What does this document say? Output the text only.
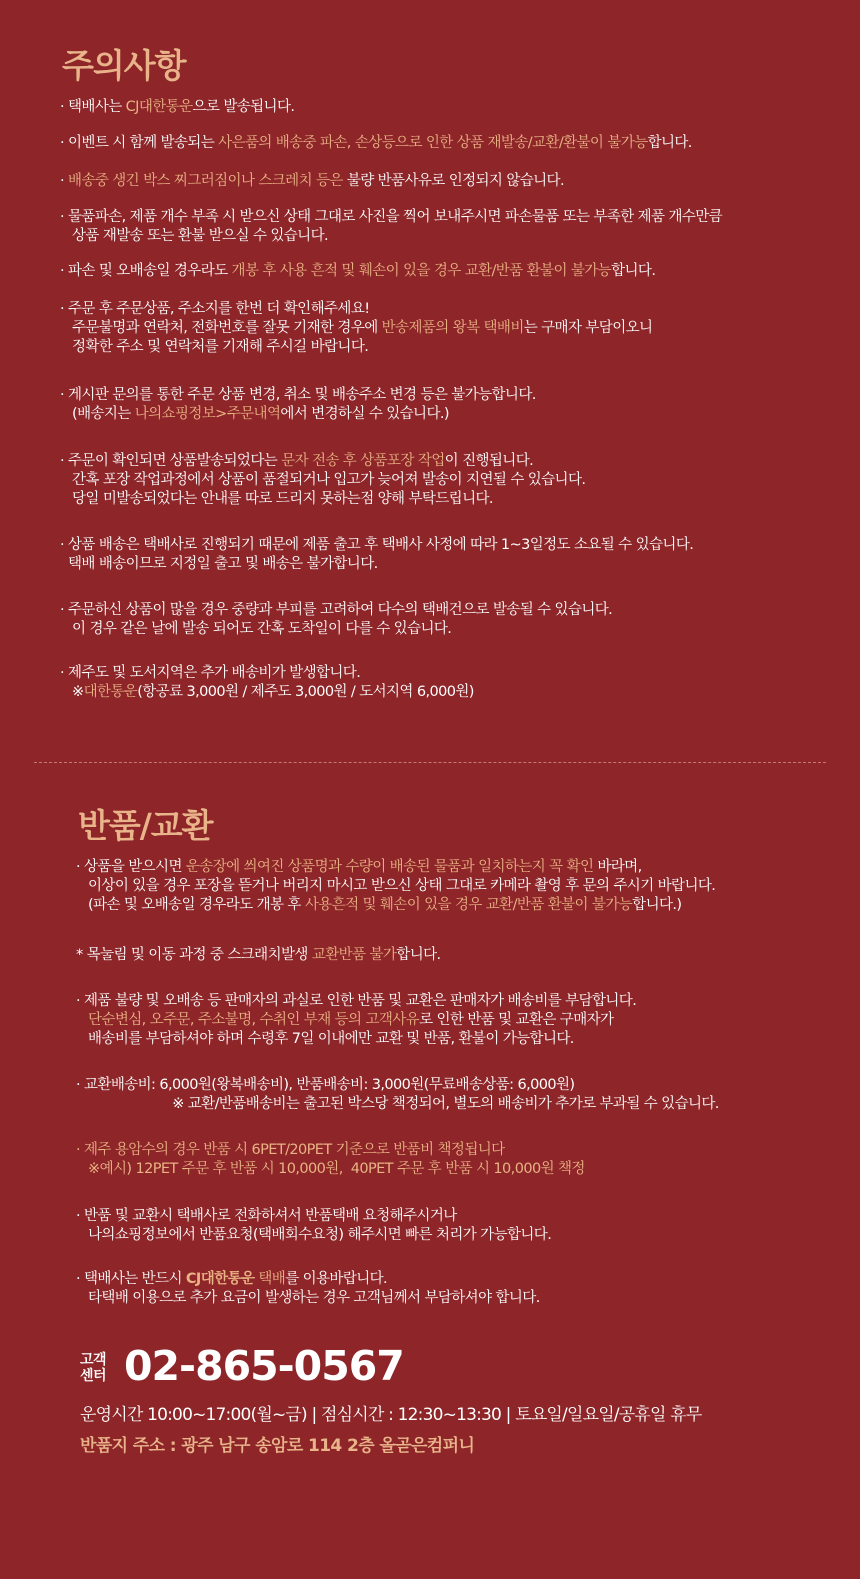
주의사항
· 택배사는 CJ대한통운으로 발송됩니다.
· 이벤트 시 함께 발송되는 사은품의 배송중 파손, 손상등으로 인한 상품 재발송/교환/환불이 불가능합니다.
· 배송중 생긴 박스 찌그러짐이나 스크레치 등은 불량 반품사유로 인정되지 않습니다.
· 물품파손, 제품 개수 부족 시 받으신 상태 그대로 사진을 찍어 보내주시면 파손물품 또는 부족한 제품 개수만큼
상품 재발송 또는 환불 받으실 수 있습니다.
· 파손 및 오배송일 경우라도 개봉 후 사용 흔적 및 훼손이 있을 경우 교환/반품 환불이 불가능합니다.
· 주문 후 주문상품, 주소지를 한번 더 확인해주세요!
주문불명과 연락처, 전화번호를 잘못 기재한 경우에 반송제품의 왕복 택배비는 구매자 부담이오니
정확한 주소 및 연락처를 기재해 주시길 바랍니다.
· 게시판 문의를 통한 주문 상품 변경, 취소 및 배송주소 변경 등은 불가능합니다.
(배송지는 나의쇼핑정보>주문내역에서 변경하실 수 있습니다.)
· 주문이 확인되면 상품발송되었다는 문자 전송 후 상품포장 작업이 진행됩니다.
간혹 포장 작업과정에서 상품이 품절되거나 입고가 늦어져 발송이 지연될 수 있습니다.
당일 미발송되었다는 안내를 따로 드리지 못하는점 양해 부탁드립니다.
· 상품 배송은 택배사로 진행되기 때문에 제품 출고 후 택배사 사정에 따라 1~3일정도 소요될 수 있습니다.
택배 배송이므로 지정일 출고 및 배송은 불가합니다.
· 주문하신 상품이 많을 경우 중량과 부피를 고려하여 다수의 택배건으로 발송될 수 있습니다.
이 경우 같은 날에 발송 되어도 간혹 도착일이 다를 수 있습니다.
· 제주도 및 도서지역은 추가 배송비가 발생합니다.
※대한통운(항공료 3,000원 / 제주도 3,000원 / 도서지역 6,000원)
반품/교환
· 상품을 받으시면 운송장에 씌여진 상품명과 수량이 배송된 물품과 일치하는지 꼭 확인 바라며,
이상이 있을 경우 포장을 뜯거나 버리지 마시고 받으신 상태 그대로 카메라 촬영 후 문의 주시기 바랍니다.
(파손 및 오배송일 경우라도 개봉 후 사용흔적 및 훼손이 있을 경우 교환/반품 환불이 불가능합니다.)
* 목눌림 및 이동 과정 중 스크래치발생 교환반품 불가합니다.
· 제품 불량 및 오배송 등 판매자의 과실로 인한 반품 및 교환은 판매자가 배송비를 부담합니다.
단순변심, 오주문, 주소불명, 수취인 부재 등의 고객사유로 인한 반품 및 교환은 구매자가
배송비를 부담하셔야 하며 수령후 7일 이내에만 교환 및 반품, 환불이 가능합니다.
· 교환배송비: 6,000원(왕복배송비), 반품배송비: 3,000원(무료배송상품: 6,000원)
※ 교환/반품배송비는 출고된 박스당 책정되어, 별도의 배송비가 추가로 부과될 수 있습니다.
· 제주 용암수의 경우 반품 시 6PET/20PET 기준으로 반품비 책정됩니다
※예시) 12PET 주문 후 반품 시 10,000원,  40PET 주문 후 반품 시 10,000원 책정
· 반품 및 교환시 택배사로 전화하셔서 반품택배 요청해주시거나
나의쇼핑정보에서 반품요청(택배회수요청) 해주시면 빠른 처리가 가능합니다.
· 택배사는 반드시 CJ대한통운 택배를 이용바랍니다.
타택배 이용으로 추가 요금이 발생하는 경우 고객님께서 부담하셔야 합니다.
고객 센터 02-865-0567
운영시간 10:00~17:00(월~금) | 점심시간 : 12:30~13:30 | 토요일/일요일/공휴일 휴무
반품지 주소 : 광주 남구 송암로 114 2층 올곧은컴퍼니
